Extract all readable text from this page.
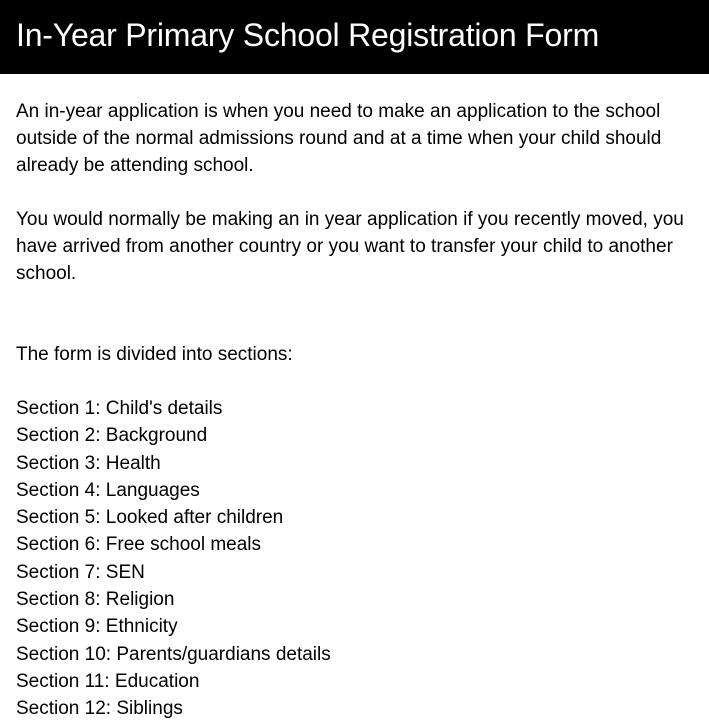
In-Year Primary School Registration Form

An in-year application is when you need to make an application to the school outside of the normal admissions round and at a time when your child should already be attending school.

You would normally be making an in year application if you recently moved, you have arrived from another country or you want to transfer your child to another school.

The form is divided into sections:

Section 1: Child's details
Section 2: Background
Section 3: Health
Section 4: Languages
Section 5: Looked after children
Section 6: Free school meals
Section 7: SEN
Section 8: Religion
Section 9: Ethnicity
Section 10: Parents/guardians details
Section 11: Education
Section 12: Siblings
